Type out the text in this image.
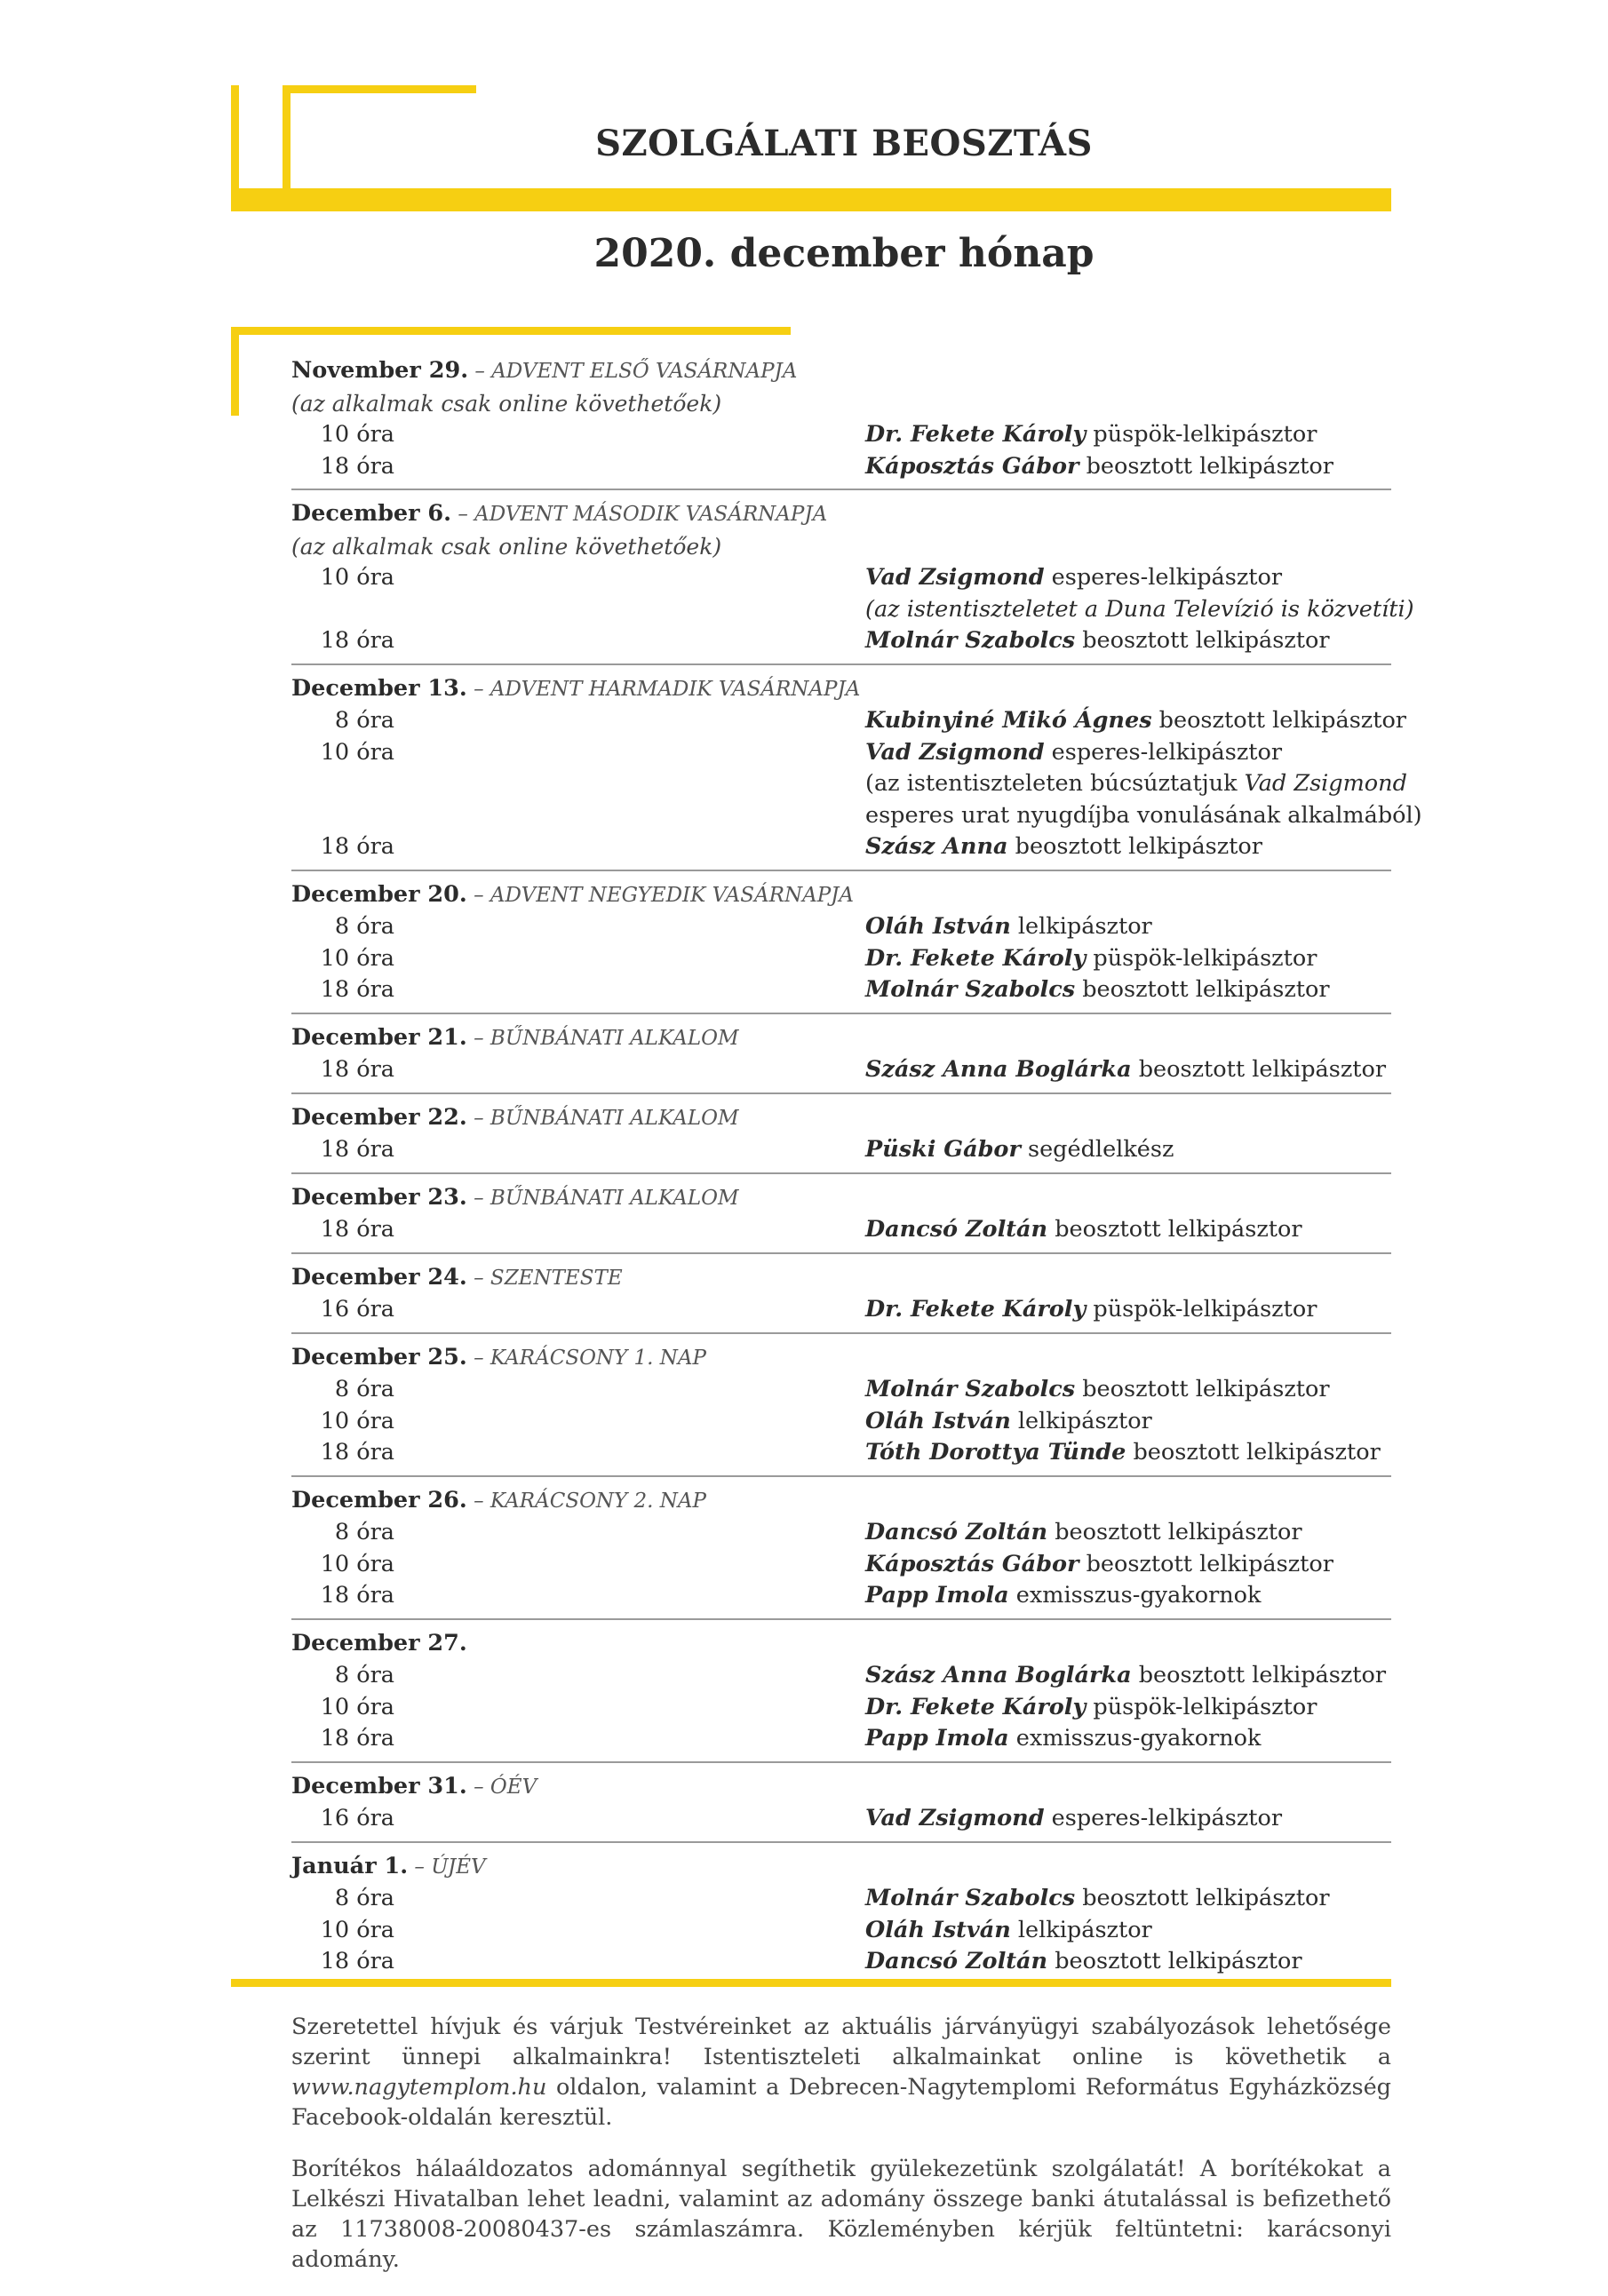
SZOLGÁLATI BEOSZTÁS
2020. december hónap
November 29. – ADVENT ELSŐ VASÁRNAPJA
(az alkalmak csak online követhetőek)
10 óra	Dr. Fekete Károly püspök-lelkipásztor
18 óra	Káposztás Gábor beosztott lelkipásztor
December 6. – ADVENT MÁSODIK VASÁRNAPJA
(az alkalmak csak online követhetőek)
10 óra	Vad Zsigmond esperes-lelkipásztor
(az istentiszteletet a Duna Televízió is közvetíti)
18 óra	Molnár Szabolcs beosztott lelkipásztor
December 13. – ADVENT HARMADIK VASÁRNAPJA
8 óra	Kubinyiné Mikó Ágnes beosztott lelkipásztor
10 óra	Vad Zsigmond esperes-lelkipásztor
(az istentiszteleten búcsúztatjuk Vad Zsigmond
esperes urat nyugdíjba vonulásának alkalmából)
18 óra	Szász Anna beosztott lelkipásztor
December 20. – ADVENT NEGYEDIK VASÁRNAPJA
8 óra	Oláh István lelkipásztor
10 óra	Dr. Fekete Károly püspök-lelkipásztor
18 óra	Molnár Szabolcs beosztott lelkipásztor
December 21. – BŰNBÁNATI ALKALOM
18 óra	Szász Anna Boglárka beosztott lelkipásztor
December 22. – BŰNBÁNATI ALKALOM
18 óra	Püski Gábor segédlelkész
December 23. – BŰNBÁNATI ALKALOM
18 óra	Dancsó Zoltán beosztott lelkipásztor
December 24. – SZENTESTE
16 óra	Dr. Fekete Károly püspök-lelkipásztor
December 25. – KARÁCSONY 1. NAP
8 óra	Molnár Szabolcs beosztott lelkipásztor
10 óra	Oláh István lelkipásztor
18 óra	Tóth Dorottya Tünde beosztott lelkipásztor
December 26. – KARÁCSONY 2. NAP
8 óra	Dancsó Zoltán beosztott lelkipásztor
10 óra	Káposztás Gábor beosztott lelkipásztor
18 óra	Papp Imola exmisszus-gyakornok
December 27.
8 óra	Szász Anna Boglárka beosztott lelkipásztor
10 óra	Dr. Fekete Károly püspök-lelkipásztor
18 óra	Papp Imola exmisszus-gyakornok
December 31. – ÓÉV
16 óra	Vad Zsigmond esperes-lelkipásztor
Január 1. – ÚJÉV
8 óra	Molnár Szabolcs beosztott lelkipásztor
10 óra	Oláh István lelkipásztor
18 óra	Dancsó Zoltán beosztott lelkipásztor

Szeretettel hívjuk és várjuk Testvéreinket az aktuális járványügyi szabályozások lehetősége szerint ünnepi alkalmainkra! Istentiszteleti alkalmainkat online is követhetik a www.nagytemplom.hu oldalon, valamint a Debrecen-Nagytemplomi Református Egyházközség Facebook-oldalán keresztül.

Borítékos hálaáldozatos adománnyal segíthetik gyülekezetünk szolgálatát! A borítékokat a Lelkészi Hivatalban lehet leadni, valamint az adomány összege banki átutalással is befizethető az 11738008-20080437-es számlaszámra. Közleményben kérjük feltüntetni: karácsonyi adomány.
